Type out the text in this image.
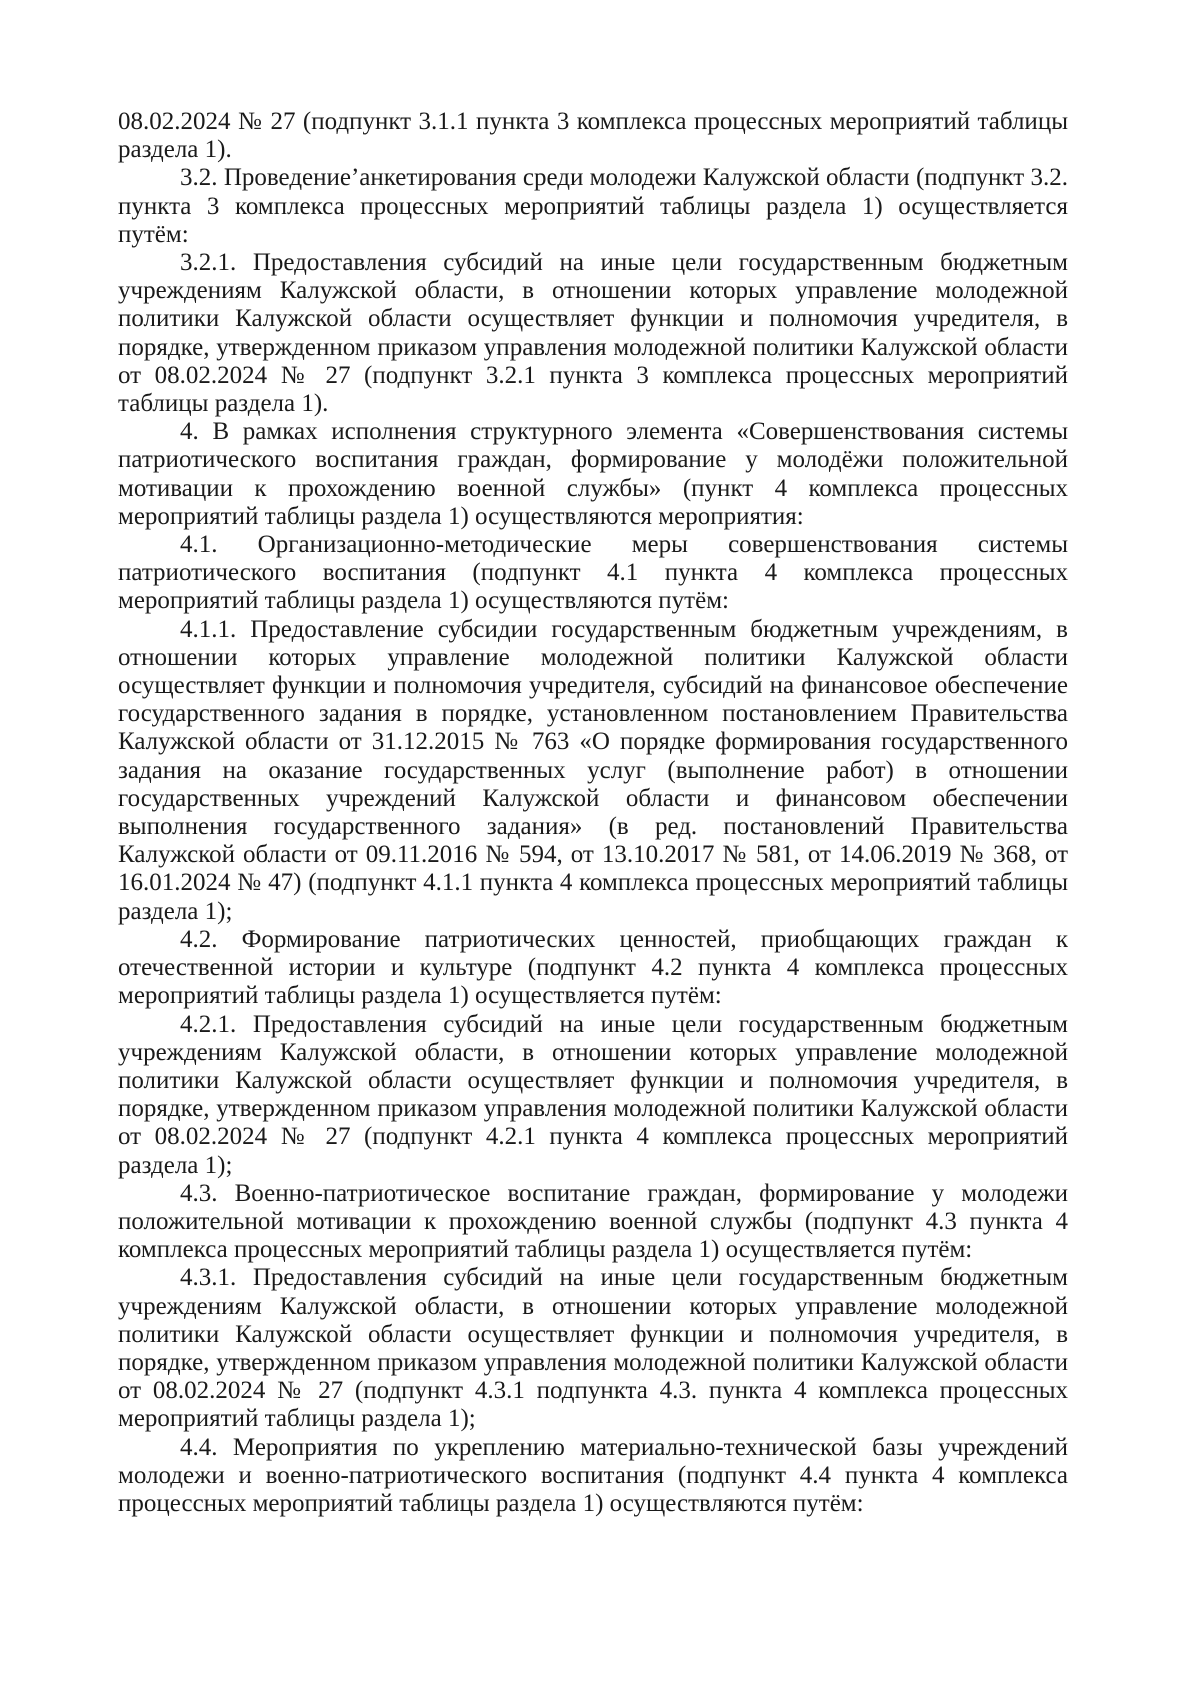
08.02.2024 № 27 (подпункт 3.1.1 пункта 3 комплекса процессных мероприятий таблицы раздела 1).

3.2. Проведение’анкетирования среди молодежи Калужской области (подпункт 3.2. пункта 3 комплекса процессных мероприятий таблицы раздела 1) осуществляется путём:

3.2.1. Предоставления субсидий на иные цели государственным бюджетным учреждениям Калужской области, в отношении которых управление молодежной политики Калужской области осуществляет функции и полномочия учредителя, в порядке, утвержденном приказом управления молодежной политики Калужской области от 08.02.2024 № 27 (подпункт 3.2.1 пункта 3 комплекса процессных мероприятий таблицы раздела 1).

4. В рамках исполнения структурного элемента «Совершенствования системы патриотического воспитания граждан, формирование у молодёжи положительной мотивации к прохождению военной службы» (пункт 4 комплекса процессных мероприятий таблицы раздела 1) осуществляются мероприятия:

4.1. Организационно-методические меры совершенствования системы патриотического воспитания (подпункт 4.1 пункта 4 комплекса процессных мероприятий таблицы раздела 1) осуществляются путём:

4.1.1. Предоставление субсидии государственным бюджетным учреждениям, в отношении которых управление молодежной политики Калужской области осуществляет функции и полномочия учредителя, субсидий на финансовое обеспечение государственного задания в порядке, установленном постановлением Правительства Калужской области от 31.12.2015 № 763 «О порядке формирования государственного задания на оказание государственных услуг (выполнение работ) в отношении государственных учреждений Калужской области и финансовом обеспечении выполнения государственного задания» (в ред. постановлений Правительства Калужской области от 09.11.2016 № 594, от 13.10.2017 № 581, от 14.06.2019 № 368, от 16.01.2024 № 47) (подпункт 4.1.1 пункта 4 комплекса процессных мероприятий таблицы раздела 1);

4.2. Формирование патриотических ценностей, приобщающих граждан к отечественной истории и культуре (подпункт 4.2 пункта 4 комплекса процессных мероприятий таблицы раздела 1) осуществляется путём:

4.2.1. Предоставления субсидий на иные цели государственным бюджетным учреждениям Калужской области, в отношении которых управление молодежной политики Калужской области осуществляет функции и полномочия учредителя, в порядке, утвержденном приказом управления молодежной политики Калужской области от 08.02.2024 № 27 (подпункт 4.2.1 пункта 4 комплекса процессных мероприятий раздела 1);

4.3. Военно-патриотическое воспитание граждан, формирование у молодежи положительной мотивации к прохождению военной службы (подпункт 4.3 пункта 4 комплекса процессных мероприятий таблицы раздела 1) осуществляется путём:

4.3.1. Предоставления субсидий на иные цели государственным бюджетным учреждениям Калужской области, в отношении которых управление молодежной политики Калужской области осуществляет функции и полномочия учредителя, в порядке, утвержденном приказом управления молодежной политики Калужской области от 08.02.2024 № 27 (подпункт 4.3.1 подпункта 4.3. пункта 4 комплекса процессных мероприятий таблицы раздела 1);

4.4. Мероприятия по укреплению материально-технической базы учреждений молодежи и военно-патриотического воспитания (подпункт 4.4 пункта 4 комплекса процессных мероприятий таблицы раздела 1) осуществляются путём:
